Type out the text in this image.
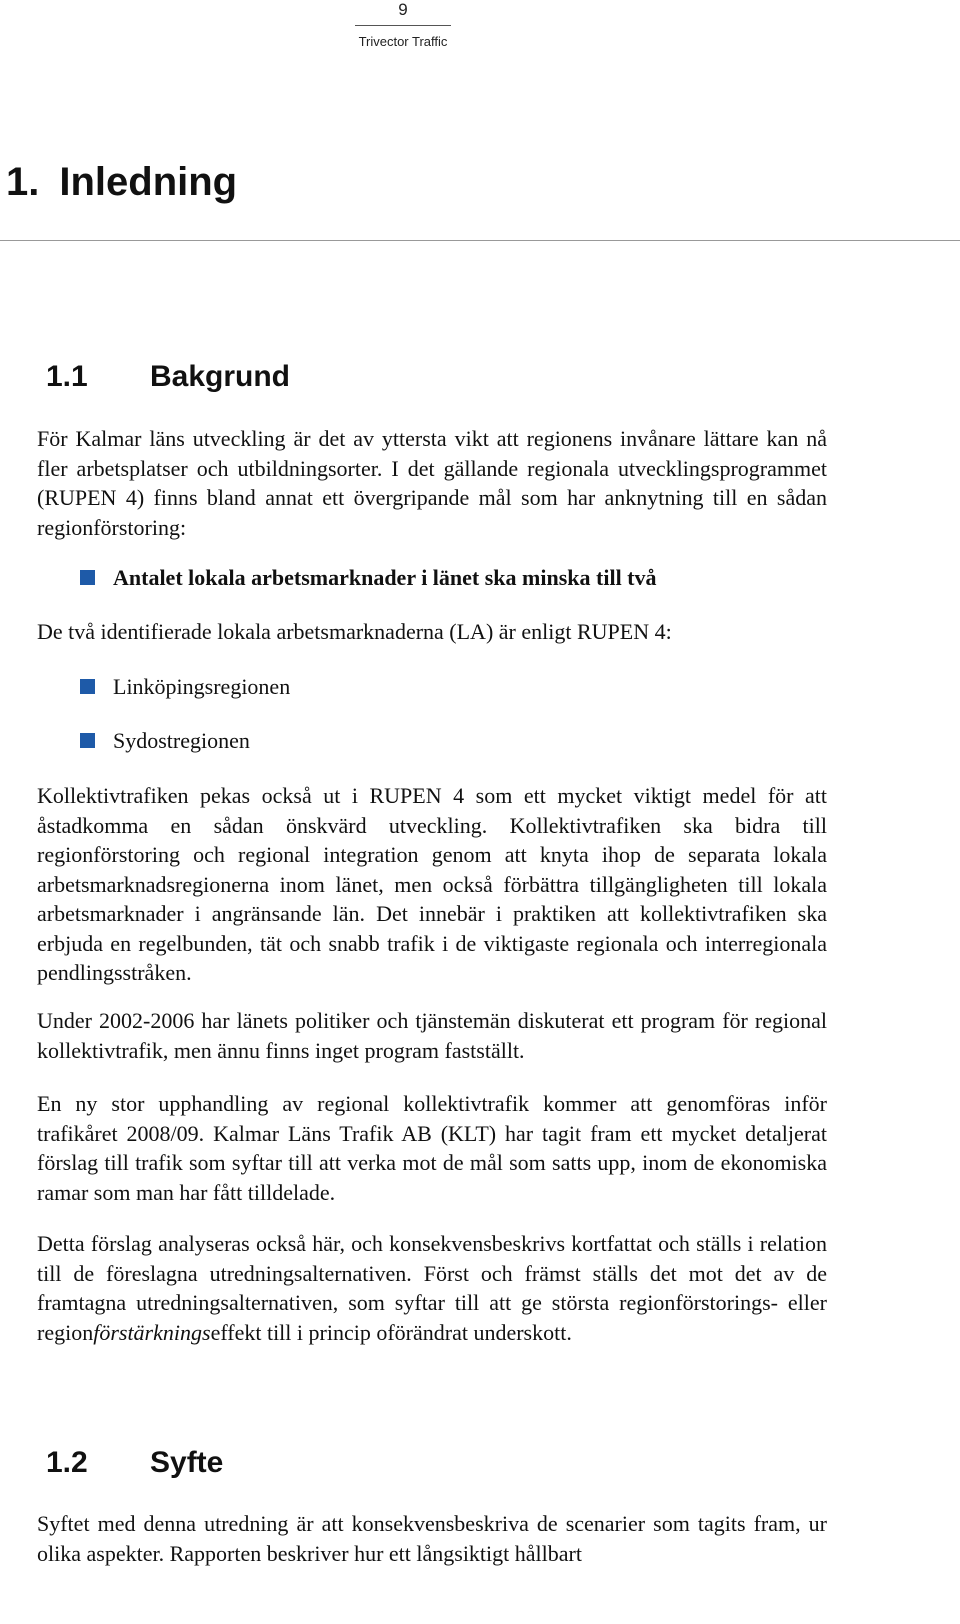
9
Trivector Traffic
1. Inledning
1.1	Bakgrund

För Kalmar läns utveckling är det av yttersta vikt att regionens invånare lättare kan nå fler arbetsplatser och utbildningsorter. I det gällande regionala utvecklingsprogrammet (RUPEN 4) finns bland annat ett övergripande mål som har anknytning till en sådan regionförstoring:

Antalet lokala arbetsmarknader i länet ska minska till två

De två identifierade lokala arbetsmarknaderna (LA) är enligt RUPEN 4:

Linköpingsregionen
Sydostregionen

Kollektivtrafiken pekas också ut i RUPEN 4 som ett mycket viktigt medel för att åstadkomma en sådan önskvärd utveckling. Kollektivtrafiken ska bidra till regionförstoring och regional integration genom att knyta ihop de separata lokala arbetsmarknadsregionerna inom länet, men också förbättra tillgängligheten till lokala arbetsmarknader i angränsande län. Det innebär i praktiken att kollektivtrafiken ska erbjuda en regelbunden, tät och snabb trafik i de viktigaste regionala och interregionala pendlingsstråken.

Under 2002-2006 har länets politiker och tjänstemän diskuterat ett program för regional kollektivtrafik, men ännu finns inget program fastställt.

En ny stor upphandling av regional kollektivtrafik kommer att genomföras inför trafikåret 2008/09. Kalmar Läns Trafik AB (KLT) har tagit fram ett mycket detaljerat förslag till trafik som syftar till att verka mot de mål som satts upp, inom de ekonomiska ramar som man har fått tilldelade.

Detta förslag analyseras också här, och konsekvensbeskrivs kortfattat och ställs i relation till de föreslagna utredningsalternativen. Först och främst ställs det mot det av de framtagna utredningsalternativen, som syftar till att ge största regionförstorings- eller regionförstärkningseffekt till i princip oförändrat underskott.

1.2	Syfte

Syftet med denna utredning är att konsekvensbeskriva de scenarier som tagits fram, ur olika aspekter. Rapporten beskriver hur ett långsiktigt hållbart
